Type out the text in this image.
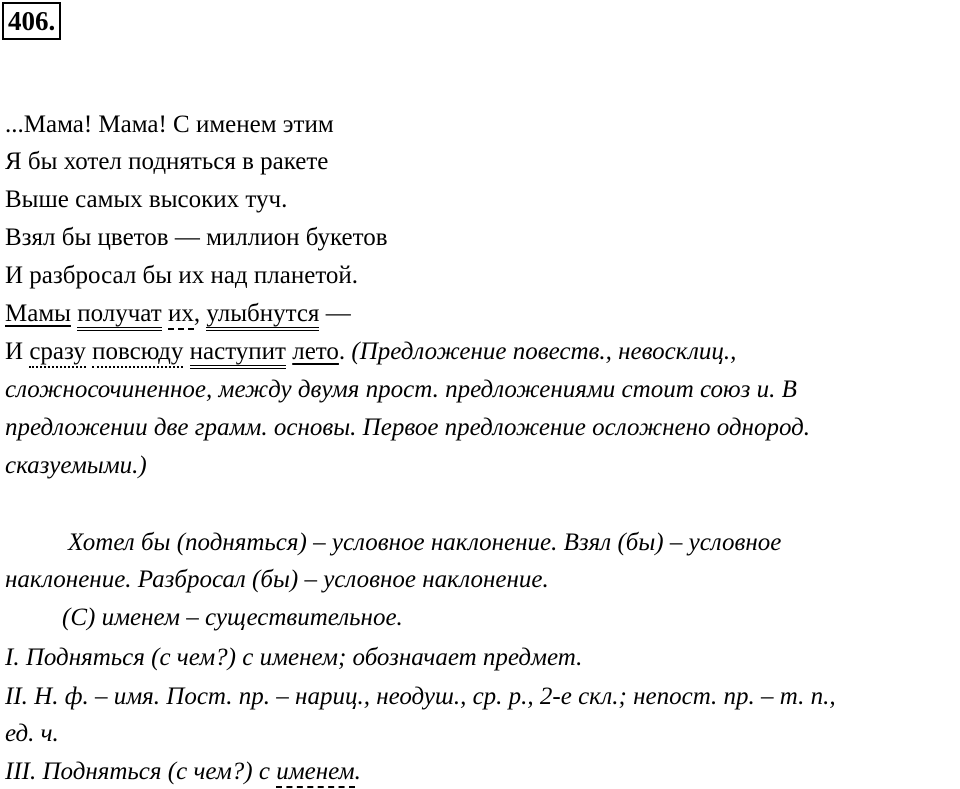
406.
...Мама! Мама! С именем этим
Я бы хотел подняться в ракете
Выше самых высоких туч.
Взял бы цветов — миллион букетов
И разбросал бы их над планетой.
Мамы получат их, улыбнутся —
И сразу повсюду наступит лето. (Предложение повеств., невосклиц.,
сложносочиненное, между двумя прост. предложениями стоит союз и. В
предложении две грамм. основы. Первое предложение осложнено однород.
сказуемыми.)
Хотел бы (подняться) – условное наклонение. Взял (бы) – условное
наклонение. Разбросал (бы) – условное наклонение.
(С) именем – существительное.
I. Подняться (с чем?) с именем; обозначает предмет.
II. Н. ф. – имя. Пост. пр. – нариц., неодуш., ср. р., 2-е скл.; непост. пр. – т. п.,
ед. ч.
III. Подняться (с чем?) с именем.
